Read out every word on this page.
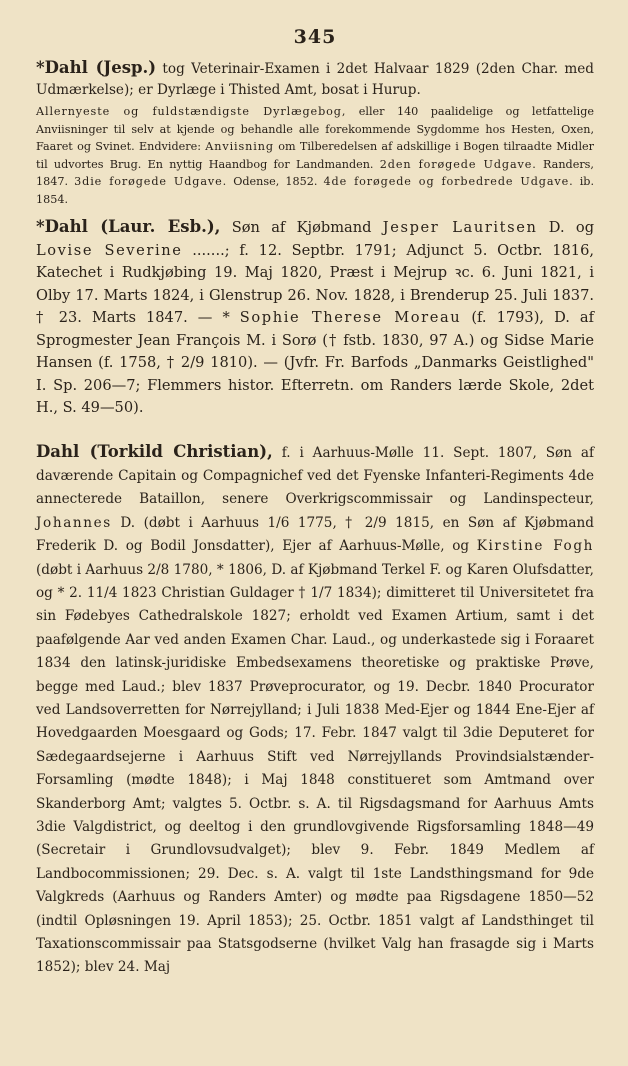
345

*Dahl (Jesp.) tog Veterinair-Examen i 2det Halvaar 1829 (2den Char. med Udmærkelse); er Dyrlæge i Thisted Amt, bosat i Hurup.

Allernyeste og fuldstændigste Dyrlægebog, eller 140 paalidelige og letfattelige Anviisninger til selv at kjende og behandle alle forekommende Sygdomme hos Hesten, Oxen, Faaret og Svinet. Endvidere: Anviisning om Tilberedelsen af adskillige i Bogen tilraadte Midler til udvortes Brug. En nyttig Haandbog for Landmanden. 2den forøgede Udgave. Randers, 1847. 3die forøgede Udgave. Odense, 1852. 4de forøgede og forbedrede Udgave. ib. 1854.

*Dahl (Laur. Esb.), Søn af Kjøbmand Jesper Lauritsen D. og Lovise Severine .......; f. 12. Septbr. 1791; Adjunct 5. Octbr. 1816, Katechet i Rudkjøbing 19. Maj 1820, Præst i Mejrup ꝛc. 6. Juni 1821, i Olby 17. Marts 1824, i Glenstrup 26. Nov. 1828, i Brenderup 25. Juli 1837. † 23. Marts 1847. — * Sophie Therese Moreau (f. 1793), D. af Sprogmester Jean François M. i Sorø († fstb. 1830, 97 A.) og Sidse Marie Hansen (f. 1758, † 2/9 1810). — (Jvfr. Fr. Barfods „Danmarks Geistlighed" I. Sp. 206—7; Flemmers histor. Efterretn. om Randers lærde Skole, 2det H., S. 49—50).

Dahl (Torkild Christian), f. i Aarhuus-Mølle 11. Sept. 1807, Søn af daværende Capitain og Compagnichef ved det Fyenske Infanteri-Regiments 4de annecterede Bataillon, senere Overkrigscommissair og Landinspecteur, Johannes D. (døbt i Aarhuus 1/6 1775, † 2/9 1815, en Søn af Kjøbmand Frederik D. og Bodil Jonsdatter), Ejer af Aarhuus-Mølle, og Kirstine Fogh (døbt i Aarhuus 2/8 1780, * 1806, D. af Kjøbmand Terkel F. og Karen Olufsdatter, og * 2. 11/4 1823 Christian Guldager † 1/7 1834); dimitteret til Universitetet fra sin Fødebyes Cathedralskole 1827; erholdt ved Examen Artium, samt i det paafølgende Aar ved anden Examen Char. Laud., og underkastede sig i Foraaret 1834 den latinsk-juridiske Embedsexamens theoretiske og praktiske Prøve, begge med Laud.; blev 1837 Prøveprocurator, og 19. Decbr. 1840 Procurator ved Landsoverretten for Nørrejylland; i Juli 1838 Med-Ejer og 1844 Ene-Ejer af Hovedgaarden Moesgaard og Gods; 17. Febr. 1847 valgt til 3die Deputeret for Sædegaardsejerne i Aarhuus Stift ved Nørrejyllands Provindsialstænder-Forsamling (mødte 1848); i Maj 1848 constitueret som Amtmand over Skanderborg Amt; valgtes 5. Octbr. s. A. til Rigsdagsmand for Aarhuus Amts 3die Valgdistrict, og deeltog i den grundlovgivende Rigsforsamling 1848—49 (Secretair i Grundlovsudvalget); blev 9. Febr. 1849 Medlem af Landbocommissionen; 29. Dec. s. A. valgt til 1ste Landsthingsmand for 9de Valgkreds (Aarhuus og Randers Amter) og mødte paa Rigsdagene 1850—52 (indtil Opløsningen 19. April 1853); 25. Octbr. 1851 valgt af Landsthinget til Taxationscommissair paa Statsgodserne (hvilket Valg han frasagde sig i Marts 1852); blev 24. Maj
